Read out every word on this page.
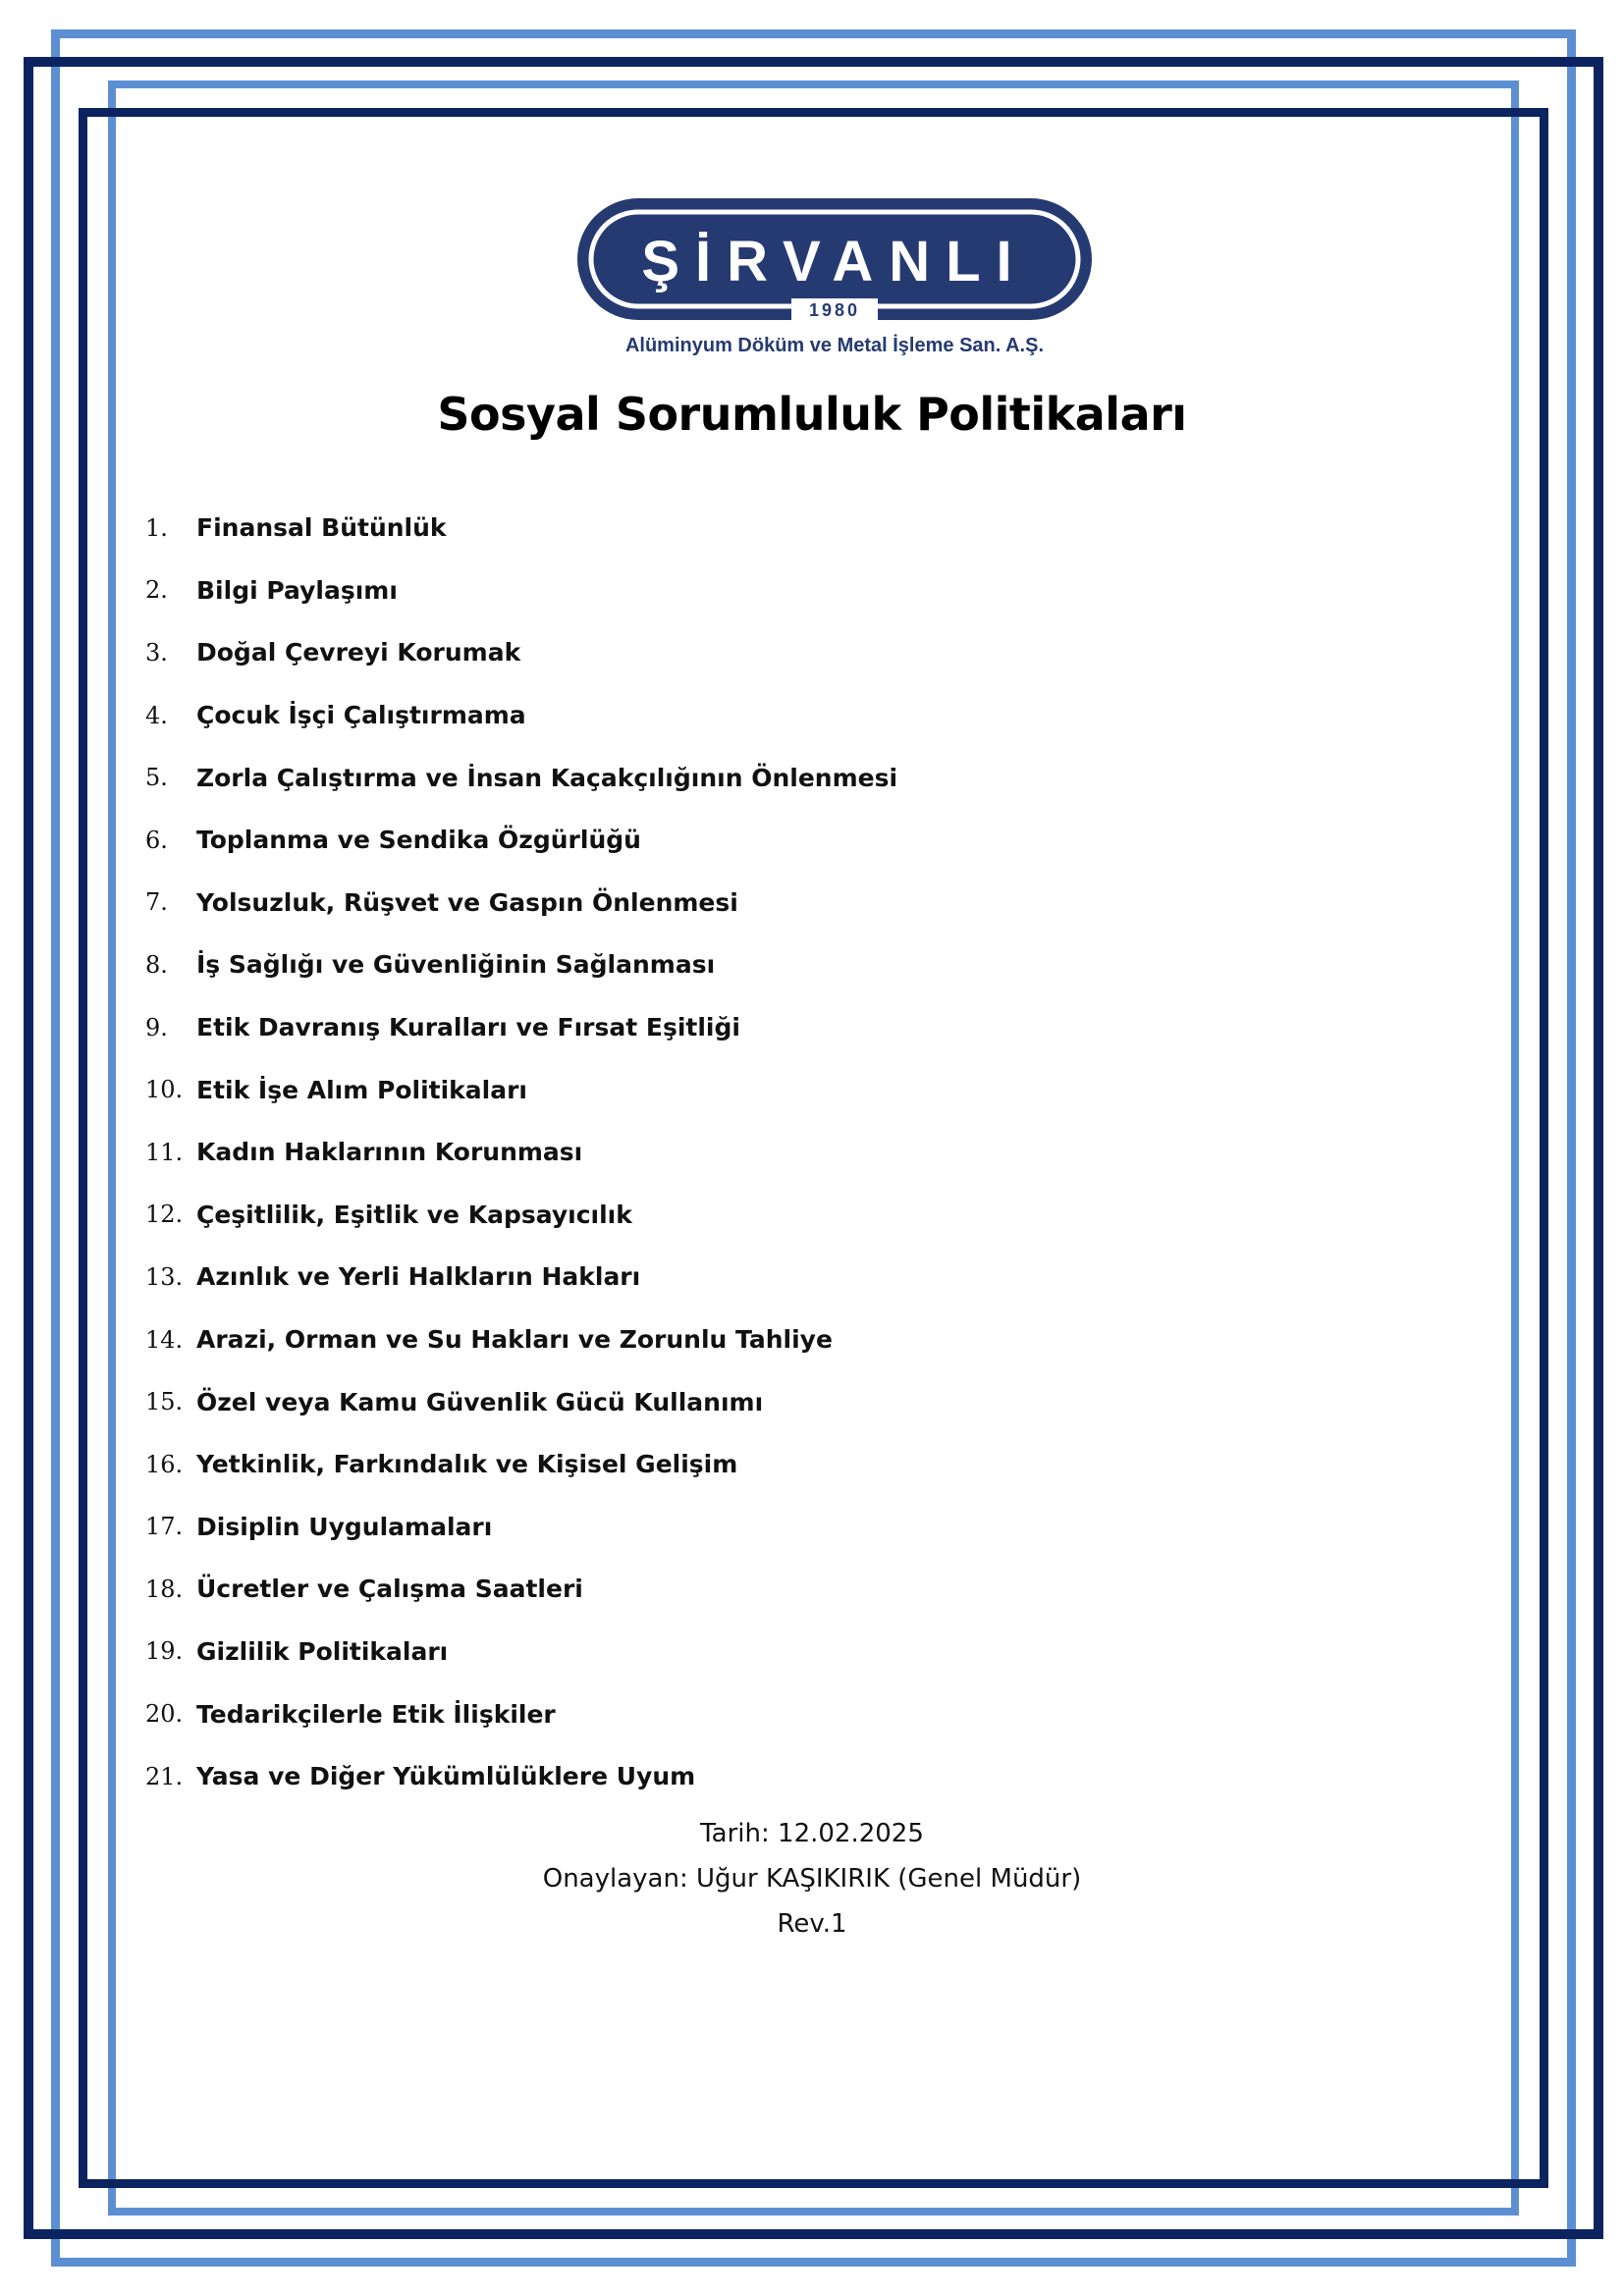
ŞİRVANLI
1980
Alüminyum Döküm ve Metal İşleme San. A.Ş.
Sosyal Sorumluluk Politikaları
1.	Finansal Bütünlük
2.	Bilgi Paylaşımı
3.	Doğal Çevreyi Korumak
4.	Çocuk İşçi Çalıştırmama
5.	Zorla Çalıştırma ve İnsan Kaçakçılığının Önlenmesi
6.	Toplanma ve Sendika Özgürlüğü
7.	Yolsuzluk, Rüşvet ve Gaspın Önlenmesi
8.	İş Sağlığı ve Güvenliğinin Sağlanması
9.	Etik Davranış Kuralları ve Fırsat Eşitliği
10. Etik İşe Alım Politikaları
11. Kadın Haklarının Korunması
12. Çeşitlilik, Eşitlik ve Kapsayıcılık
13. Azınlık ve Yerli Halkların Hakları
14. Arazi, Orman ve Su Hakları ve Zorunlu Tahliye
15. Özel veya Kamu Güvenlik Gücü Kullanımı
16. Yetkinlik, Farkındalık ve Kişisel Gelişim
17. Disiplin Uygulamaları
18. Ücretler ve Çalışma Saatleri
19. Gizlilik Politikaları
20. Tedarikçilerle Etik İlişkiler
21. Yasa ve Diğer Yükümlülüklere Uyum
Tarih: 12.02.2025
Onaylayan: Uğur KAŞIKIRIK (Genel Müdür)
Rev.1
